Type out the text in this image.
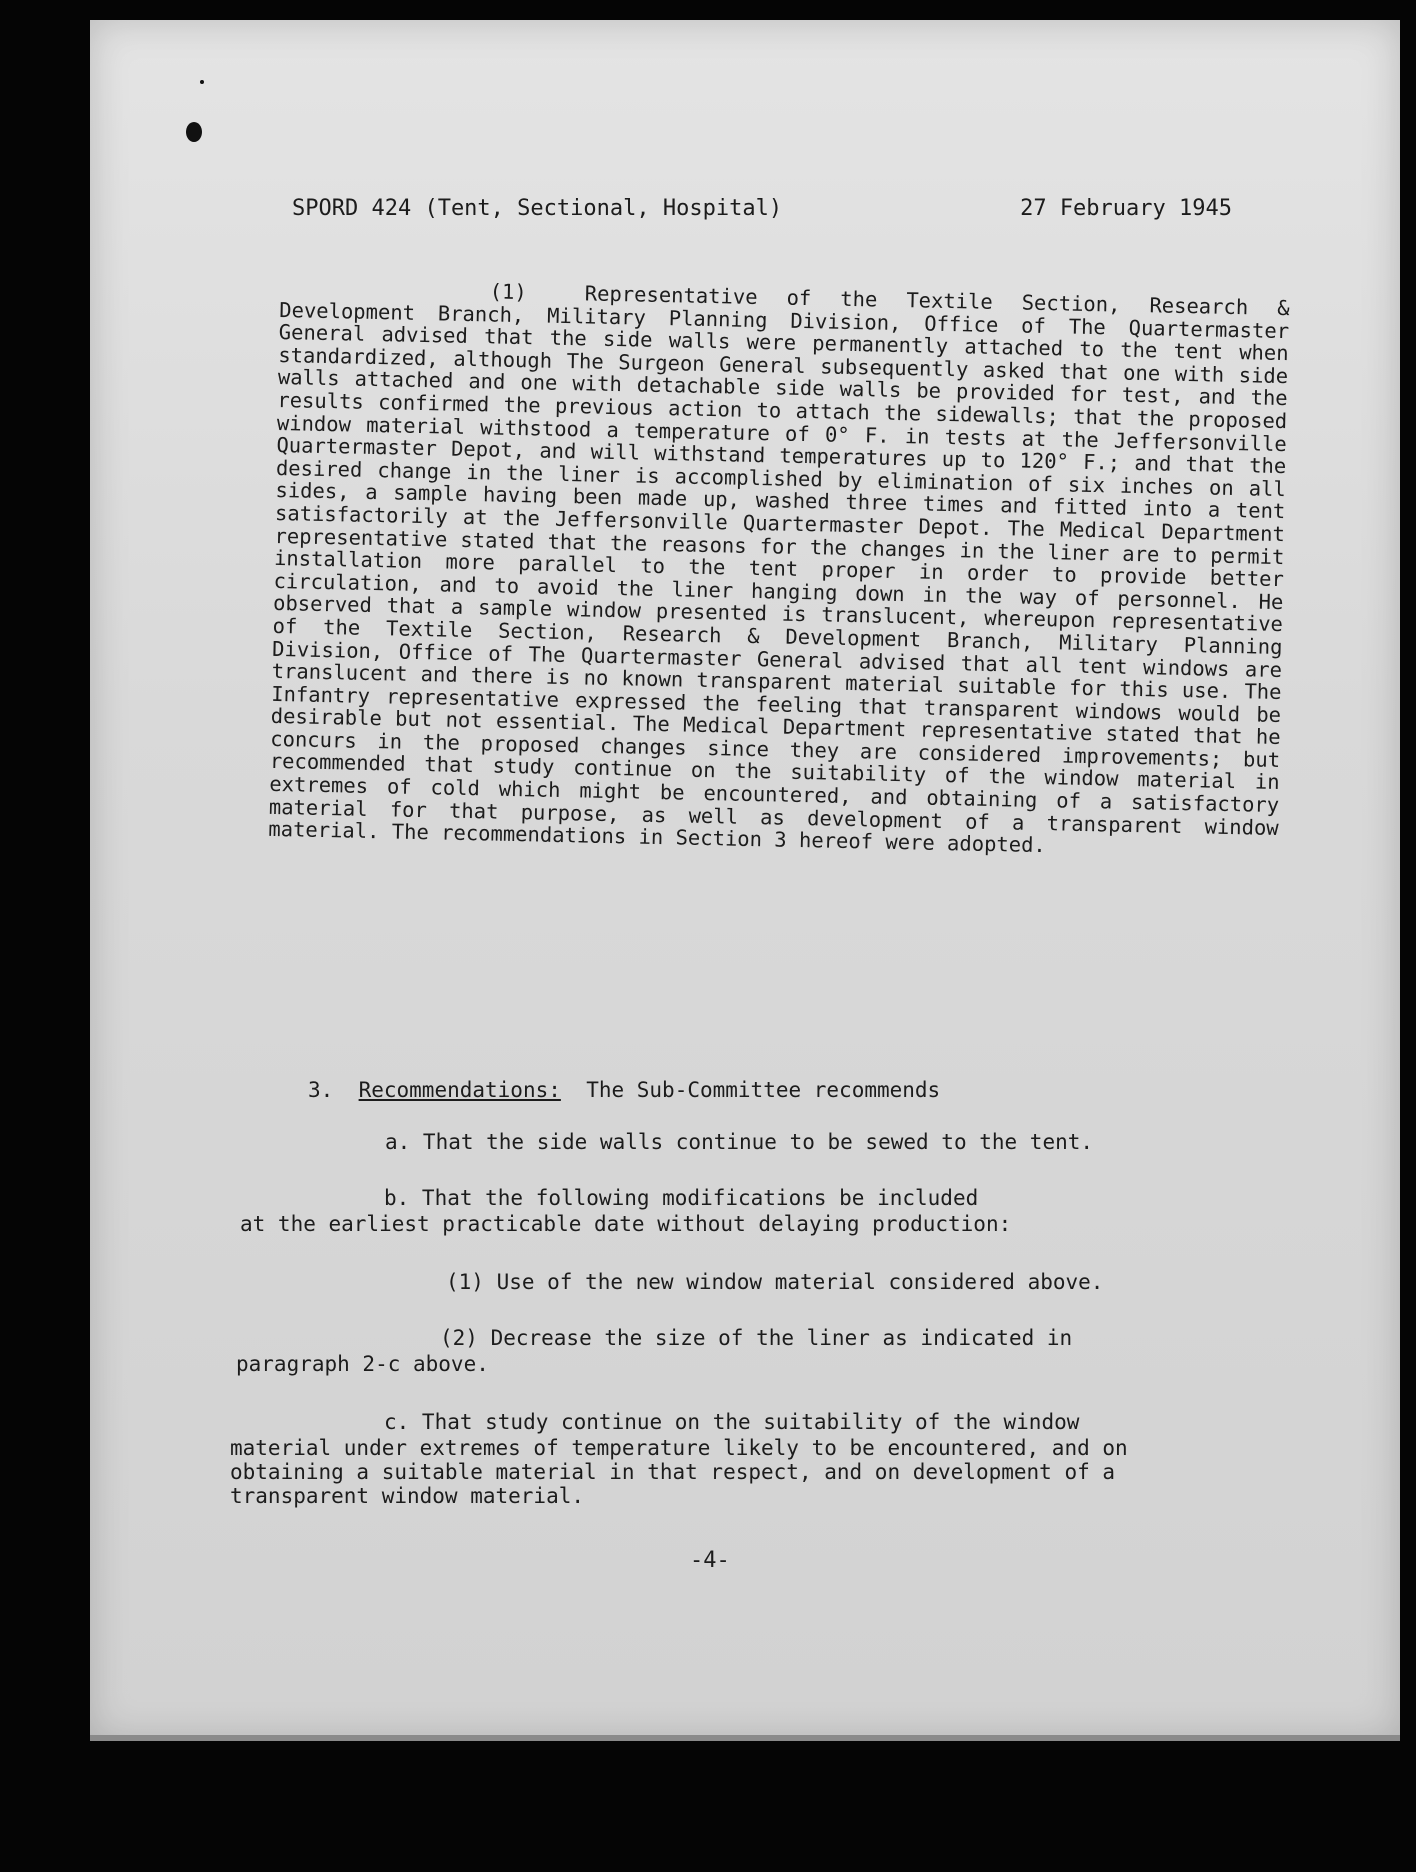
SPORD 424 (Tent, Sectional, Hospital)	27 February 1945
(1)	Representative of the Textile Section, Research & Development Branch, Military Planning Division, Office of The Quartermaster General advised that the side walls were permanently attached to the tent when standardized, although The Surgeon General subsequently asked that one with side walls attached and one with detachable side walls be provided for test, and the results confirmed the previous action to attach the sidewalls; that the proposed window material withstood a temperature of 0° F. in tests at the Jeffersonville Quartermaster Depot, and will withstand temperatures up to 120° F.; and that the desired change in the liner is accomplished by elimination of six inches on all sides, a sample having been made up, washed three times and fitted into a tent satisfactorily at the Jeffersonville Quartermaster Depot. The Medical Department representative stated that the reasons for the changes in the liner are to permit installation more parallel to the tent proper in order to provide better circulation, and to avoid the liner hanging down in the way of personnel. He observed that a sample window presented is translucent, whereupon representative of the Textile Section, Research & Development Branch, Military Planning Division, Office of The Quartermaster General advised that all tent windows are translucent and there is no known transparent material suitable for this use. The Infantry representative expressed the feeling that transparent windows would be desirable but not essential. The Medical Department representative stated that he concurs in the proposed changes since they are considered improvements; but recommended that study continue on the suitability of the window material in extremes of cold which might be encountered, and obtaining of a satisfactory material for that purpose, as well as development of a transparent window material. The recommendations in Section 3 hereof were adopted.
3. Recommendations: The Sub-Committee recommends
a. That the side walls continue to be sewed to the tent.
b. That the following modifications be included
at the earliest practicable date without delaying production:
(1) Use of the new window material considered above.
(2) Decrease the size of the liner as indicated in
paragraph 2-c above.
c. That study continue on the suitability of the window
material under extremes of temperature likely to be encountered, and on obtaining a suitable material in that respect, and on development of a transparent window material.
-4-
